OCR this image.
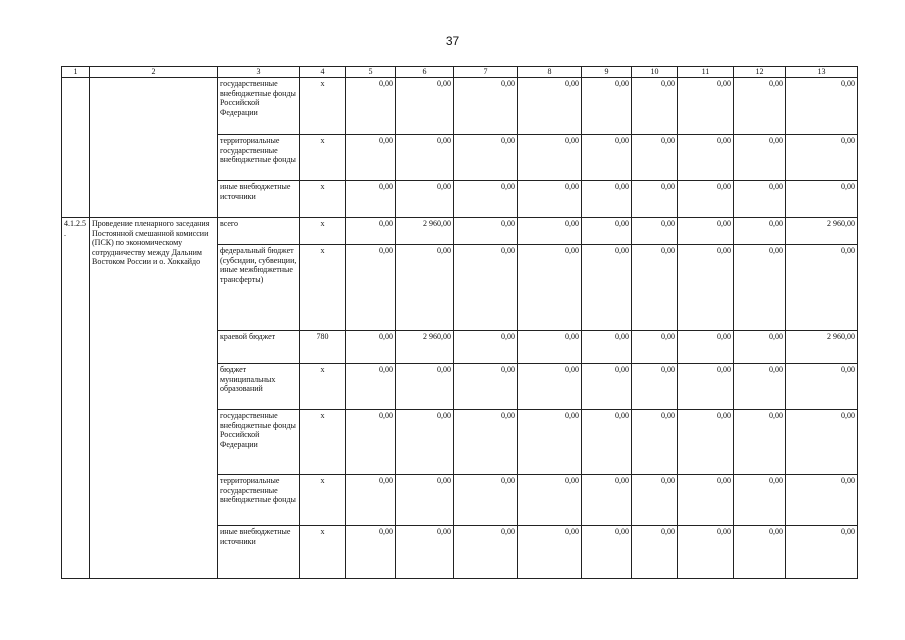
37
1	2	3	4	5	6	7	8	9	10	11	12	13
		государственные внебюджетные фонды Российской Федерации	х	0,00	0,00	0,00	0,00	0,00	0,00	0,00	0,00	0,00
		территориальные государственные внебюджетные фонды	х	0,00	0,00	0,00	0,00	0,00	0,00	0,00	0,00	0,00
		иные внебюджетные источники	х	0,00	0,00	0,00	0,00	0,00	0,00	0,00	0,00	0,00
4.1.2.5.	Проведение пленарного заседания Постоянной смешанной комиссии (ПСК) по экономическому сотрудничеству между Дальним Востоком России и о. Хоккайдо	всего	х	0,00	2 960,00	0,00	0,00	0,00	0,00	0,00	0,00	2 960,00
		федеральный бюджет (субсидии, субвенции, иные межбюджетные трансферты)	х	0,00	0,00	0,00	0,00	0,00	0,00	0,00	0,00	0,00
		краевой бюджет	780	0,00	2 960,00	0,00	0,00	0,00	0,00	0,00	0,00	2 960,00
		бюджет муниципальных образований	х	0,00	0,00	0,00	0,00	0,00	0,00	0,00	0,00	0,00
		государственные внебюджетные фонды Российской Федерации	х	0,00	0,00	0,00	0,00	0,00	0,00	0,00	0,00	0,00
		территориальные государственные внебюджетные фонды	х	0,00	0,00	0,00	0,00	0,00	0,00	0,00	0,00	0,00
		иные внебюджетные источники	х	0,00	0,00	0,00	0,00	0,00	0,00	0,00	0,00	0,00
